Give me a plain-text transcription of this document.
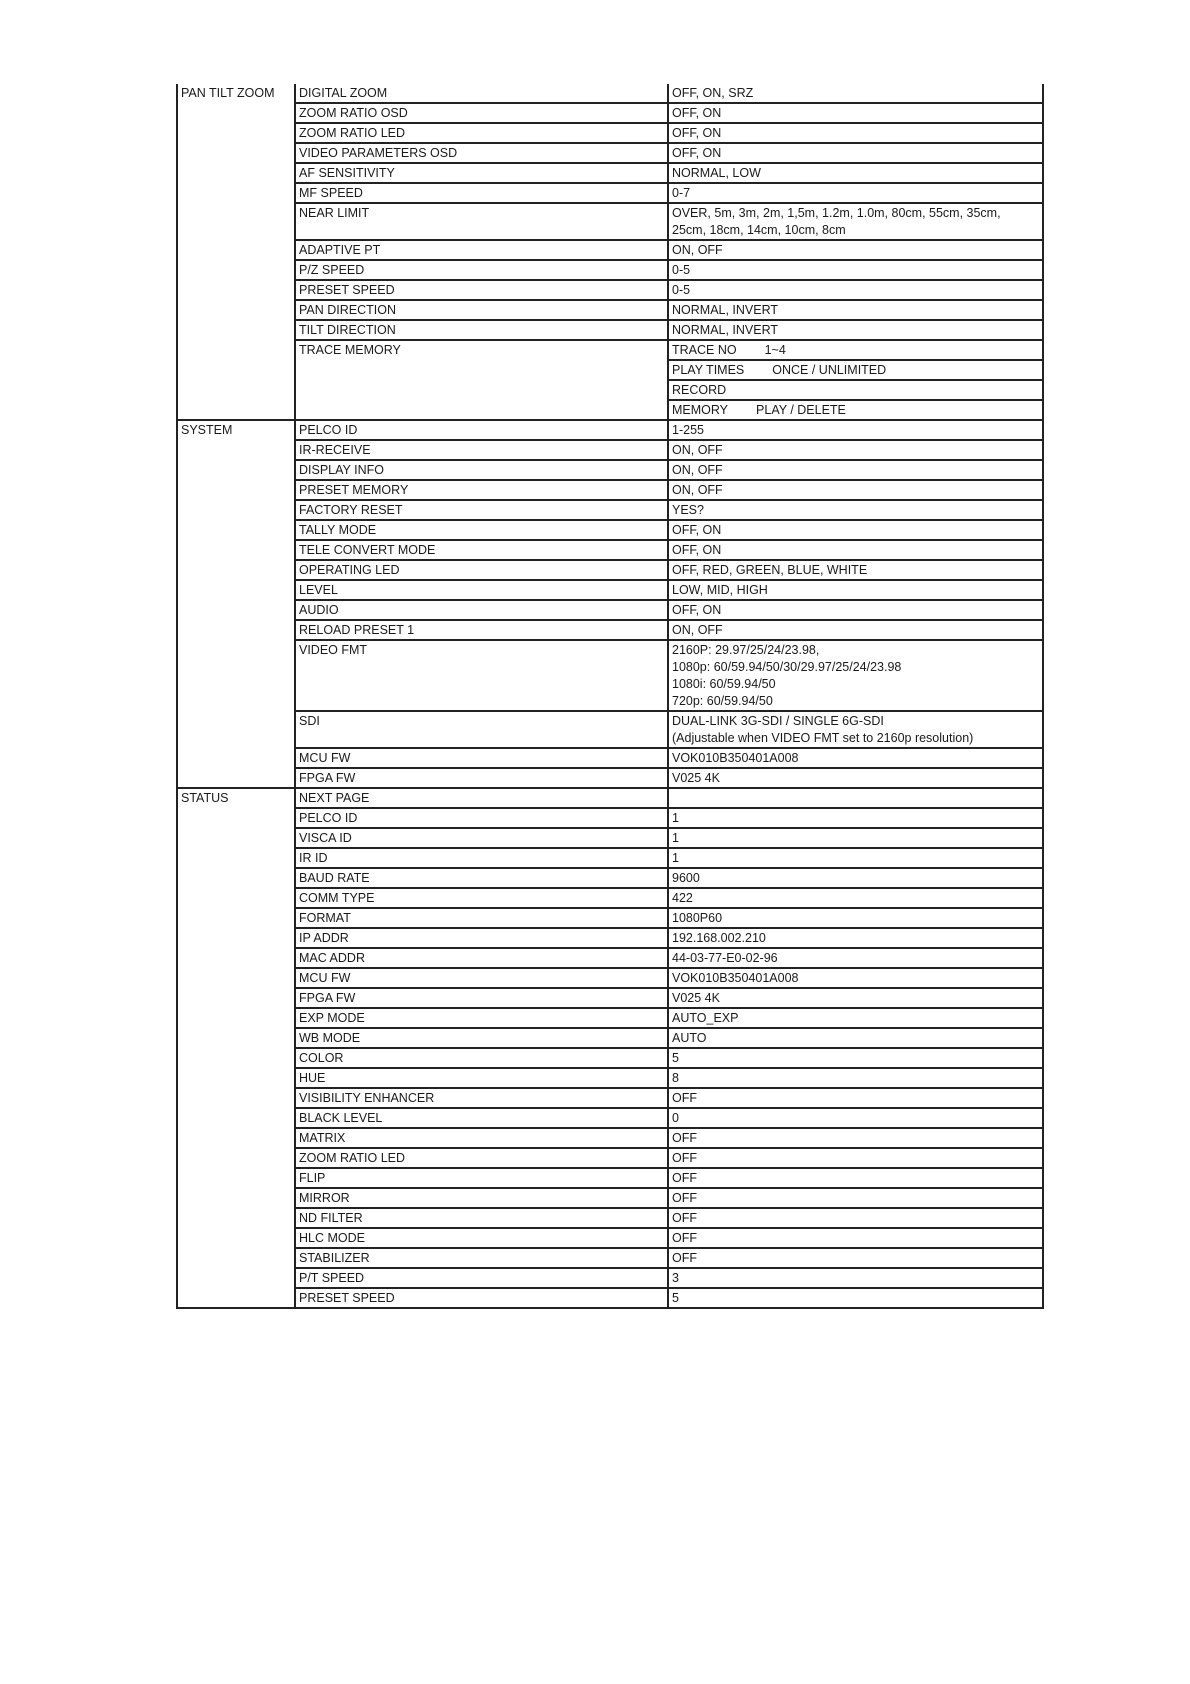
PAN TILT ZOOM	DIGITAL ZOOM	OFF, ON, SRZ

	ZOOM RATIO OSD	OFF, ON

	ZOOM RATIO LED	OFF, ON

	VIDEO PARAMETERS OSD	OFF, ON

	AF SENSITIVITY	NORMAL, LOW

	MF SPEED	0-7

	NEAR LIMIT	OVER, 5m, 3m, 2m, 1,5m, 1.2m, 1.0m, 80cm, 55cm, 35cm,
25cm, 18cm, 14cm, 10cm, 8cm

	ADAPTIVE PT	ON, OFF

	P/Z SPEED	0-5

	PRESET SPEED	0-5

	PAN DIRECTION	NORMAL, INVERT

	TILT DIRECTION	NORMAL, INVERT

	TRACE MEMORY	TRACE NO 1~4
		PLAY TIMES ONCE / UNLIMITED
		RECORD
		MEMORY PLAY / DELETE
SYSTEM	PELCO ID	1-255

	IR-RECEIVE	ON, OFF

	DISPLAY INFO	ON, OFF

	PRESET MEMORY	ON, OFF

	FACTORY RESET	YES?

	TALLY MODE	OFF, ON

	TELE CONVERT MODE	OFF, ON

	OPERATING LED	OFF, RED, GREEN, BLUE, WHITE

	LEVEL	LOW, MID, HIGH

	AUDIO	OFF, ON

	RELOAD PRESET 1	ON, OFF

	VIDEO FMT	2160P: 29.97/25/24/23.98,
1080p: 60/59.94/50/30/29.97/25/24/23.98
1080i: 60/59.94/50
720p: 60/59.94/50

	SDI	DUAL-LINK 3G-SDI / SINGLE 6G-SDI
(Adjustable when VIDEO FMT set to 2160p resolution)

	MCU FW	VOK010B350401A008

	FPGA FW	V025 4K

STATUS	NEXT PAGE	

	PELCO ID	1

	VISCA ID	1

	IR ID	1

	BAUD RATE	9600

	COMM TYPE	422

	FORMAT	1080P60

	IP ADDR	192.168.002.210

	MAC ADDR	44-03-77-E0-02-96

	MCU FW	VOK010B350401A008

	FPGA FW	V025 4K

	EXP MODE	AUTO_EXP

	WB MODE	AUTO

	COLOR	5

	HUE	8

	VISIBILITY ENHANCER	OFF

	BLACK LEVEL	0

	MATRIX	OFF

	ZOOM RATIO LED	OFF

	FLIP	OFF

	MIRROR	OFF

	ND FILTER	OFF

	HLC MODE	OFF

	STABILIZER	OFF

	P/T SPEED	3

	PRESET SPEED	5
